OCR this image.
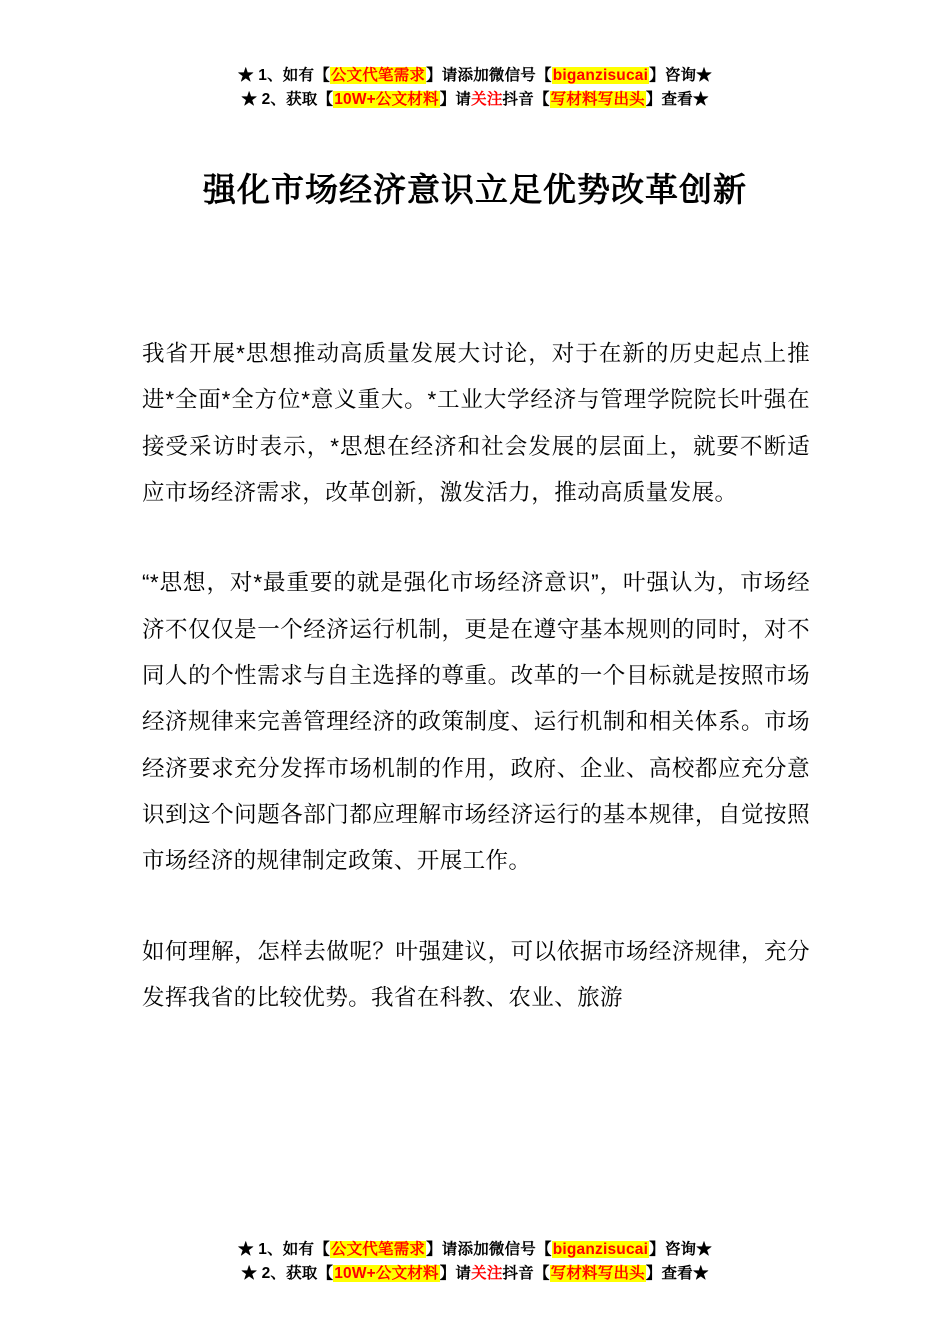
★ 1、如有【公文代笔需求】请添加微信号【biganzisucai】咨询★
★ 2、获取【10W+公文材料】请关注抖音【写材料写出头】查看★
强化市场经济意识立足优势改革创新

我省开展*思想推动高质量发展大讨论，对于在新的历史起点上推进*全面*全方位*意义重大。*工业大学经济与管理学院院长叶强在接受采访时表示，*思想在经济和社会发展的层面上，就要不断适应市场经济需求，改革创新，激发活力，推动高质量发展。

“*思想，对*最重要的就是强化市场经济意识”，叶强认为，市场经济不仅仅是一个经济运行机制，更是在遵守基本规则的同时，对不同人的个性需求与自主选择的尊重。改革的一个目标就是按照市场经济规律来完善管理经济的政策制度、运行机制和相关体系。市场经济要求充分发挥市场机制的作用，政府、企业、高校都应充分意识到这个问题各部门都应理解市场经济运行的基本规律，自觉按照市场经济的规律制定政策、开展工作。

如何理解，怎样去做呢？叶强建议，可以依据市场经济规律，充分发挥我省的比较优势。我省在科教、农业、旅游

★ 1、如有【公文代笔需求】请添加微信号【biganzisucai】咨询★
★ 2、获取【10W+公文材料】请关注抖音【写材料写出头】查看★
